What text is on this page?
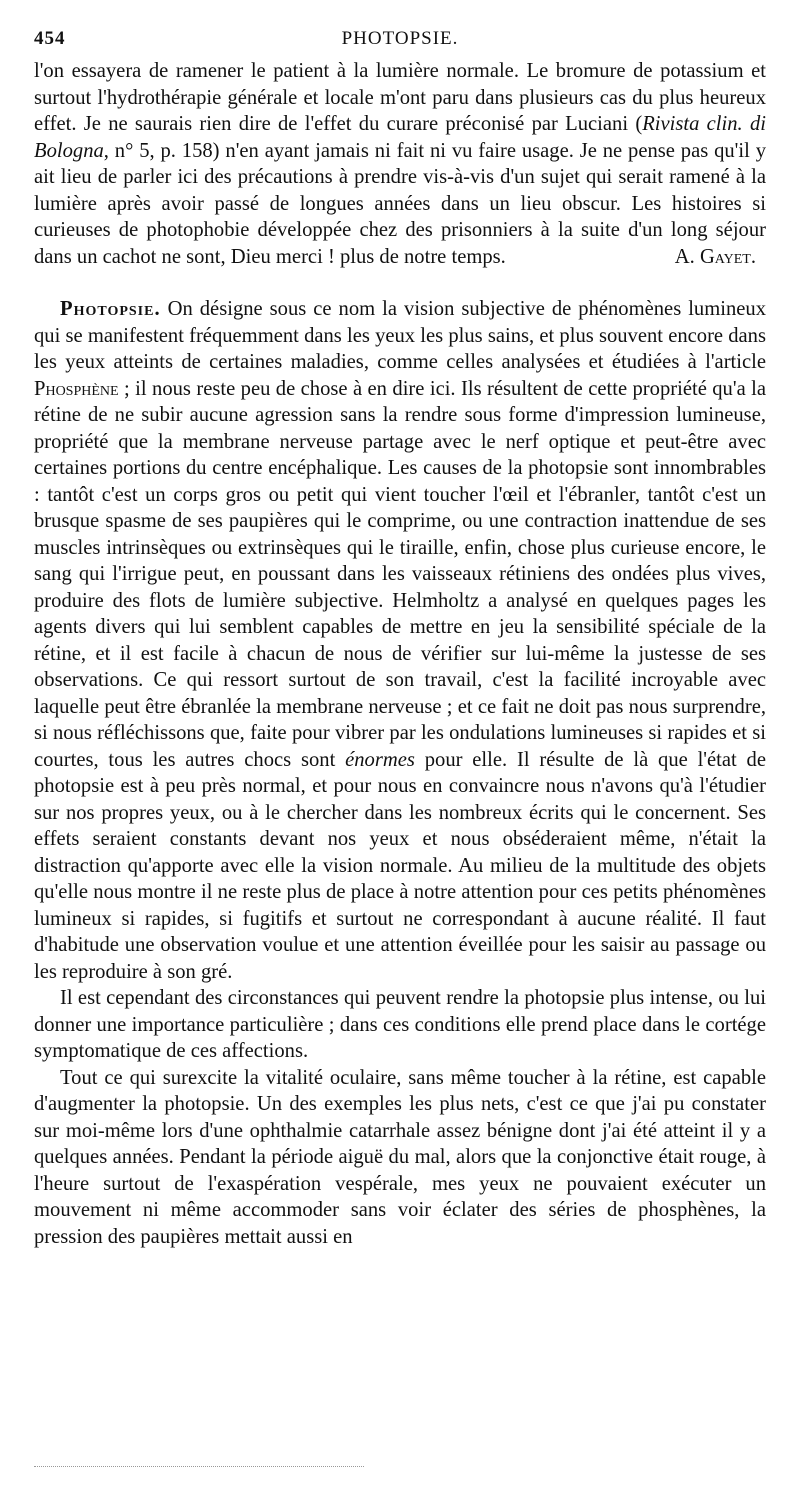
454	PHOTOPSIE.

l'on essayera de ramener le patient à la lumière normale. Le bromure de potassium et surtout l'hydrothérapie générale et locale m'ont paru dans plusieurs cas du plus heureux effet. Je ne saurais rien dire de l'effet du curare préconisé par Luciani (Rivista clin. di Bologna, n° 5, p. 158) n'en ayant jamais ni fait ni vu faire usage. Je ne pense pas qu'il y ait lieu de parler ici des précautions à prendre vis-à-vis d'un sujet qui serait ramené à la lumière après avoir passé de longues années dans un lieu obscur. Les histoires si curieuses de photophobie développée chez des prisonniers à la suite d'un long séjour dans un cachot ne sont, Dieu merci ! plus de notre temps.	A. Gayet.

Photopsie. On désigne sous ce nom la vision subjective de phénomènes lumineux qui se manifestent fréquemment dans les yeux les plus sains, et plus souvent encore dans les yeux atteints de certaines maladies, comme celles analysées et étudiées à l'article Phosphène ; il nous reste peu de chose à en dire ici. Ils résultent de cette propriété qu'a la rétine de ne subir aucune agression sans la rendre sous forme d'impression lumineuse, propriété que la membrane nerveuse partage avec le nerf optique et peut-être avec certaines portions du centre encéphalique. Les causes de la photopsie sont innombrables : tantôt c'est un corps gros ou petit qui vient toucher l'œil et l'ébranler, tantôt c'est un brusque spasme de ses paupières qui le comprime, ou une contraction inattendue de ses muscles intrinsèques ou extrinsèques qui le tiraille, enfin, chose plus curieuse encore, le sang qui l'irrigue peut, en poussant dans les vaisseaux rétiniens des ondées plus vives, produire des flots de lumière subjective. Helmholtz a analysé en quelques pages les agents divers qui lui semblent capables de mettre en jeu la sensibilité spéciale de la rétine, et il est facile à chacun de nous de vérifier sur lui-même la justesse de ses observations. Ce qui ressort surtout de son travail, c'est la facilité incroyable avec laquelle peut être ébranlée la membrane nerveuse ; et ce fait ne doit pas nous surprendre, si nous réfléchissons que, faite pour vibrer par les ondulations lumineuses si rapides et si courtes, tous les autres chocs sont énormes pour elle. Il résulte de là que l'état de photopsie est à peu près normal, et pour nous en convaincre nous n'avons qu'à l'étudier sur nos propres yeux, ou à le chercher dans les nombreux écrits qui le concernent. Ses effets seraient constants devant nos yeux et nous obséderaient même, n'était la distraction qu'apporte avec elle la vision normale. Au milieu de la multitude des objets qu'elle nous montre il ne reste plus de place à notre attention pour ces petits phénomènes lumineux si rapides, si fugitifs et surtout ne correspondant à aucune réalité. Il faut d'habitude une observation voulue et une attention éveillée pour les saisir au passage ou les reproduire à son gré.

Il est cependant des circonstances qui peuvent rendre la photopsie plus intense, ou lui donner une importance particulière ; dans ces conditions elle prend place dans le cortége symptomatique de ces affections.

Tout ce qui surexcite la vitalité oculaire, sans même toucher à la rétine, est capable d'augmenter la photopsie. Un des exemples les plus nets, c'est ce que j'ai pu constater sur moi-même lors d'une ophthalmie catarrhale assez bénigne dont j'ai été atteint il y a quelques années. Pendant la période aiguë du mal, alors que la conjonctive était rouge, à l'heure surtout de l'exaspération vespérale, mes yeux ne pouvaient exécuter un mouvement ni même accommoder sans voir éclater des séries de phosphènes, la pression des paupières mettait aussi en
